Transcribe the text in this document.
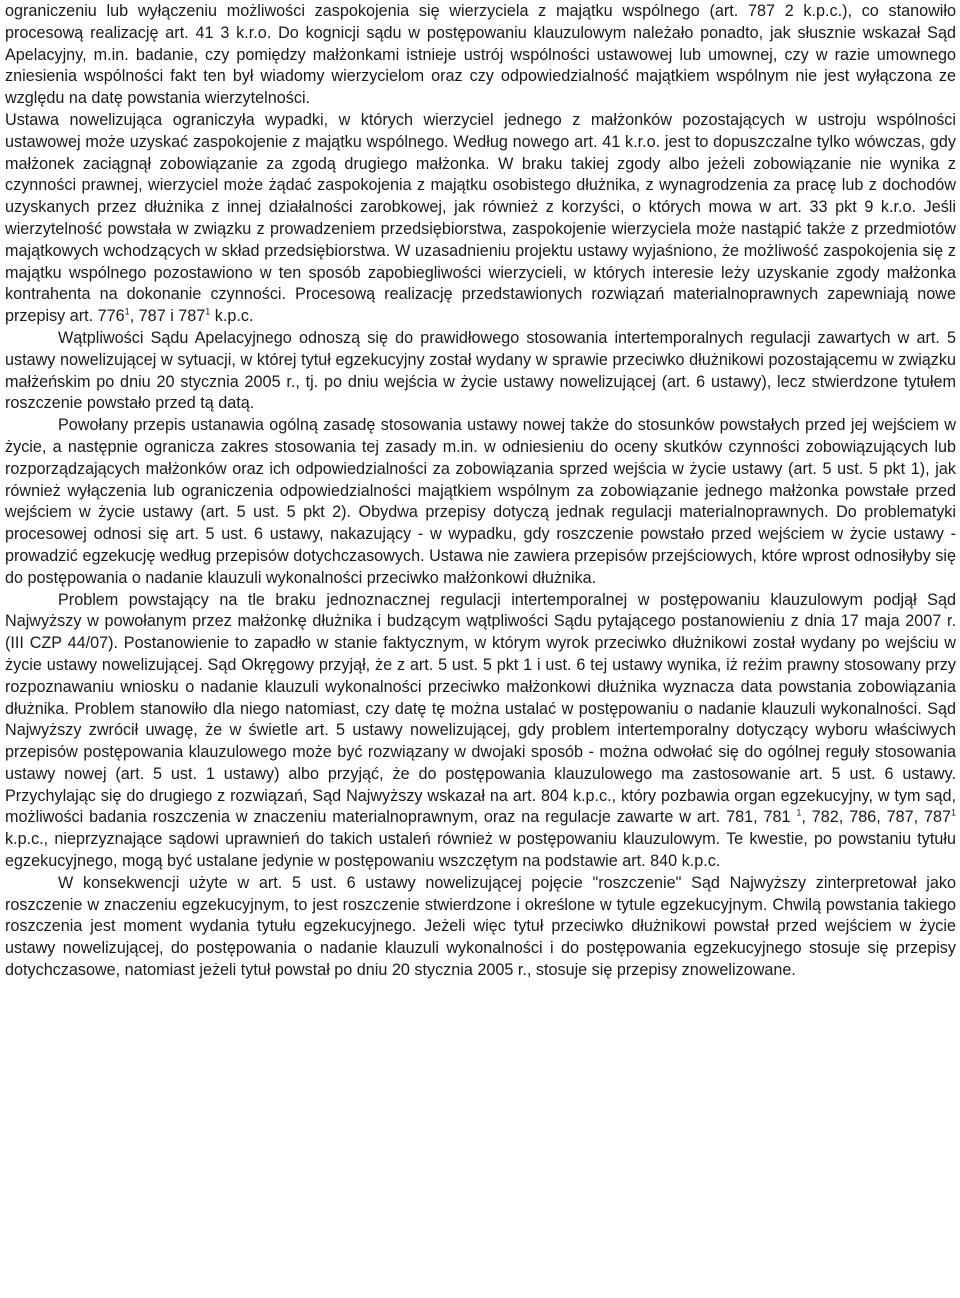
ograniczeniu lub wyłączeniu możliwości zaspokojenia się wierzyciela z majątku wspólnego (art. 787 2 k.p.c.), co stanowiło procesową realizację art. 41 3 k.r.o. Do kognicji sądu w postępowaniu klauzulowym należało ponadto, jak słusznie wskazał Sąd Apelacyjny, m.in. badanie, czy pomiędzy małżonkami istnieje ustrój wspólności ustawowej lub umownej, czy w razie umownego zniesienia wspólności fakt ten był wiadomy wierzycielom oraz czy odpowiedzialność majątkiem wspólnym nie jest wyłączona ze względu na datę powstania wierzytelności.

Ustawa nowelizująca ograniczyła wypadki, w których wierzyciel jednego z małżonków pozostających w ustroju wspólności ustawowej może uzyskać zaspokojenie z majątku wspólnego. Według nowego art. 41 k.r.o. jest to dopuszczalne tylko wówczas, gdy małżonek zaciągnął zobowiązanie za zgodą drugiego małżonka. W braku takiej zgody albo jeżeli zobowiązanie nie wynika z czynności prawnej, wierzyciel może żądać zaspokojenia z majątku osobistego dłużnika, z wynagrodzenia za pracę lub z dochodów uzyskanych przez dłużnika z innej działalności zarobkowej, jak również z korzyści, o których mowa w art. 33 pkt 9 k.r.o. Jeśli wierzytelność powstała w związku z prowadzeniem przedsiębiorstwa, zaspokojenie wierzyciela może nastąpić także z przedmiotów majątkowych wchodzących w skład przedsiębiorstwa. W uzasadnieniu projektu ustawy wyjaśniono, że możliwość zaspokojenia się z majątku wspólnego pozostawiono w ten sposób zapobiegliwości wierzycieli, w których interesie leży uzyskanie zgody małżonka kontrahenta na dokonanie czynności. Procesową realizację przedstawionych rozwiązań materialnoprawnych zapewniają nowe przepisy art. $776^1$, 787 i $787^1$ k.p.c.

Wątpliwości Sądu Apelacyjnego odnoszą się do prawidłowego stosowania intertemporalnych regulacji zawartych w art. 5 ustawy nowelizującej w sytuacji, w której tytuł egzekucyjny został wydany w sprawie przeciwko dłużnikowi pozostającemu w związku małżeńskim po dniu 20 stycznia 2005 r., tj. po dniu wejścia w życie ustawy nowelizującej (art. 6 ustawy), lecz stwierdzone tytułem roszczenie powstało przed tą datą.

Powołany przepis ustanawia ogólną zasadę stosowania ustawy nowej także do stosunków powstałych przed jej wejściem w życie, a następnie ogranicza zakres stosowania tej zasady m.in. w odniesieniu do oceny skutków czynności zobowiązujących lub rozporządzających małżonków oraz ich odpowiedzialności za zobowiązania sprzed wejścia w życie ustawy (art. 5 ust. 5 pkt 1), jak również wyłączenia lub ograniczenia odpowiedzialności majątkiem wspólnym za zobowiązanie jednego małżonka powstałe przed wejściem w życie ustawy (art. 5 ust. 5 pkt 2). Obydwa przepisy dotyczą jednak regulacji materialnoprawnych. Do problematyki procesowej odnosi się art. 5 ust. 6 ustawy, nakazujący - w wypadku, gdy roszczenie powstało przed wejściem w życie ustawy - prowadzić egzekucję według przepisów dotychczasowych. Ustawa nie zawiera przepisów przejściowych, które wprost odnosiłyby się do postępowania o nadanie klauzuli wykonalności przeciwko małżonkowi dłużnika.

Problem powstający na tle braku jednoznacznej regulacji intertemporalnej w postępowaniu klauzulowym podjął Sąd Najwyższy w powołanym przez małżonkę dłużnika i budzącym wątpliwości Sądu pytającego postanowieniu z dnia 17 maja 2007 r. (III CZP 44/07). Postanowienie to zapadło w stanie faktycznym, w którym wyrok przeciwko dłużnikowi został wydany po wejściu w życie ustawy nowelizującej. Sąd Okręgowy przyjął, że z art. 5 ust. 5 pkt 1 i ust. 6 tej ustawy wynika, iż reżim prawny stosowany przy rozpoznawaniu wniosku o nadanie klauzuli wykonalności przeciwko małżonkowi dłużnika wyznacza data powstania zobowiązania dłużnika. Problem stanowiło dla niego natomiast, czy datę tę można ustalać w postępowaniu o nadanie klauzuli wykonalności. Sąd Najwyższy zwrócił uwagę, że w świetle art. 5 ustawy nowelizującej, gdy problem intertemporalny dotyczący wyboru właściwych przepisów postępowania klauzulowego może być rozwiązany w dwojaki sposób - można odwołać się do ogólnej reguły stosowania ustawy nowej (art. 5 ust. 1 ustawy) albo przyjąć, że do postępowania klauzulowego ma zastosowanie art. 5 ust. 6 ustawy. Przychylając się do drugiego z rozwiązań, Sąd Najwyższy wskazał na art. 804 k.p.c., który pozbawia organ egzekucyjny, w tym sąd, możliwości badania roszczenia w znaczeniu materialnoprawnym, oraz na regulacje zawarte w art. 781, 781 $^1$, 782, 786, 787, $787^1$ k.p.c., nieprzyznające sądowi uprawnień do takich ustaleń również w postępowaniu klauzulowym. Te kwestie, po powstaniu tytułu egzekucyjnego, mogą być ustalane jedynie w postępowaniu wszczętym na podstawie art. 840 k.p.c.

W konsekwencji użyte w art. 5 ust. 6 ustawy nowelizującej pojęcie "roszczenie" Sąd Najwyższy zinterpretował jako roszczenie w znaczeniu egzekucyjnym, to jest roszczenie stwierdzone i określone w tytule egzekucyjnym. Chwilą powstania takiego roszczenia jest moment wydania tytułu egzekucyjnego. Jeżeli więc tytuł przeciwko dłużnikowi powstał przed wejściem w życie ustawy nowelizującej, do postępowania o nadanie klauzuli wykonalności i do postępowania egzekucyjnego stosuje się przepisy dotychczasowe, natomiast jeżeli tytuł powstał po dniu 20 stycznia 2005 r., stosuje się przepisy znowelizowane.
